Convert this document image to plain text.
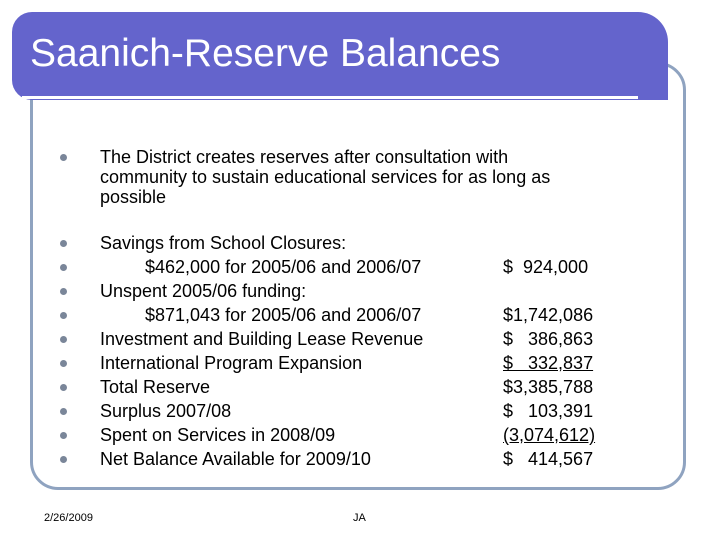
Saanich-Reserve Balances
The District creates reserves after consultation with
community to sustain educational services for as long as
possible
Savings from School Closures:
$462,000 for 2005/06 and 2006/07	$  924,000
Unspent 2005/06 funding:
$871,043 for 2005/06 and 2006/07	$1,742,086
Investment and Building Lease Revenue	$   386,863
International Program Expansion	$   332,837
Total Reserve	$3,385,788
Surplus 2007/08	$   103,391
Spent on Services in 2008/09	(3,074,612)
Net Balance Available for 2009/10	$   414,567
2/26/2009	JA
